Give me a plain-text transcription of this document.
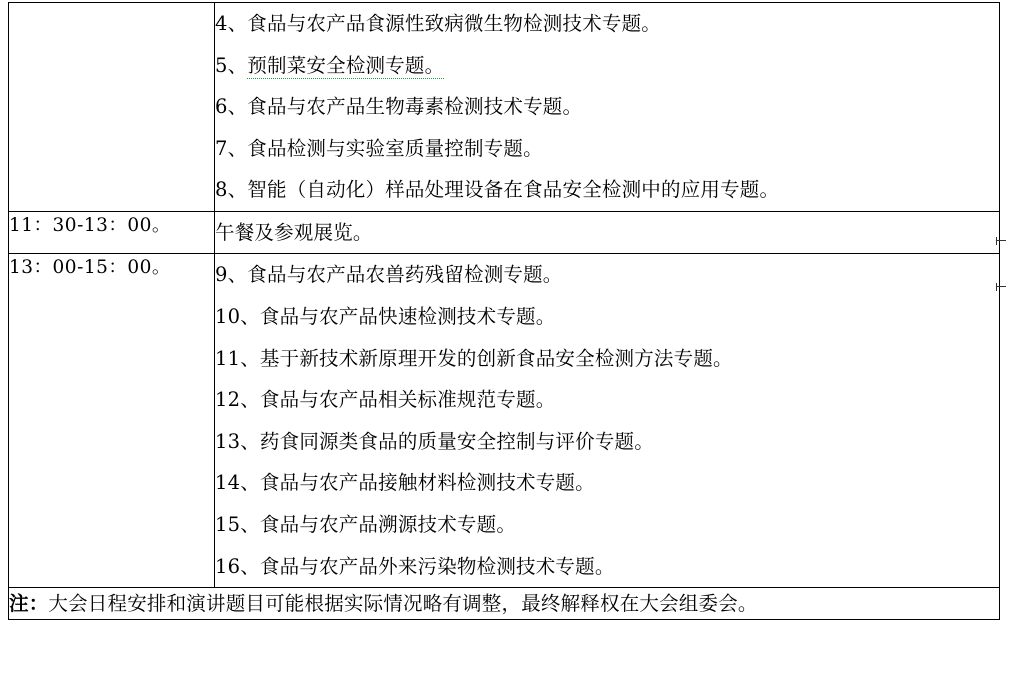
	4、食品与农产品食源性致病微生物检测技术专题。
5、预制菜安全检测专题。
6、食品与农产品生物毒素检测技术专题。
7、食品检测与实验室质量控制专题。
8、智能（自动化）样品处理设备在食品安全检测中的应用专题。

11：30-13：00。	午餐及参观展览。

13：00-15：00。	9、食品与农产品农兽药残留检测专题。
10、食品与农产品快速检测技术专题。
11、基于新技术新原理开发的创新食品安全检测方法专题。
12、食品与农产品相关标准规范专题。
13、药食同源类食品的质量安全控制与评价专题。
14、食品与农产品接触材料检测技术专题。
15、食品与农产品溯源技术专题。
16、食品与农产品外来污染物检测技术专题。

注：大会日程安排和演讲题目可能根据实际情况略有调整，最终解释权在大会组委会。	
